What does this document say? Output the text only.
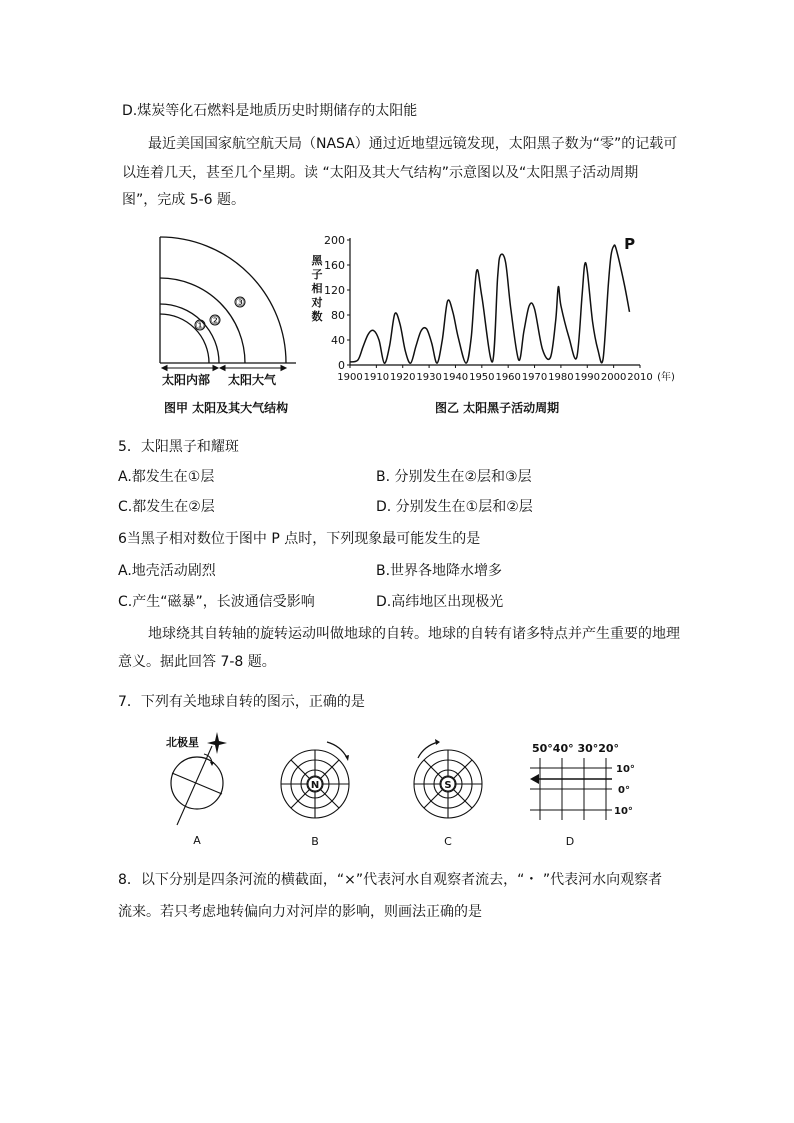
D.煤炭等化石燃料是地质历史时期储存的太阳能
最近美国国家航空航天局（NASA）通过近地望远镜发现，太阳黑子数为“零”的记载可
以连着几天，甚至几个星期。读 “太阳及其大气结构”示意图以及“太阳黑子活动周期
图”，完成 5-6 题。
① ②
③
太阳内部 太阳大气
图甲 太阳及其大气结构
黑
子
相
对
数
0
40
80
120
160
200
1900 1910 1920 1930 1940 1950 1960 1970 1980 1990 2000 2010 (年)
P
图乙 太阳黑子活动周期
5．太阳黑子和耀斑
A.都发生在①层	B. 分别发生在②层和③层
C.都发生在②层	D. 分别发生在①层和②层
6当黑子相对数位于图中 P 点时，下列现象最可能发生的是
A.地壳活动剧烈	B.世界各地降水增多
C.产生“磁暴”，长波通信受影响	D.高纬地区出现极光
地球绕其自转轴的旋转运动叫做地球的自转。地球的自转有诸多特点并产生重要的地理
意义。据此回答 7-8 题。
7．下列有关地球自转的图示，正确的是
北极星
A
N
B
S
C
50°40° 30°20°
10°
0°
10°
D
8．以下分别是四条河流的横截面，“×”代表河水自观察者流去，“・ ”代表河水向观察者
流来。若只考虑地转偏向力对河岸的影响，则画法正确的是
